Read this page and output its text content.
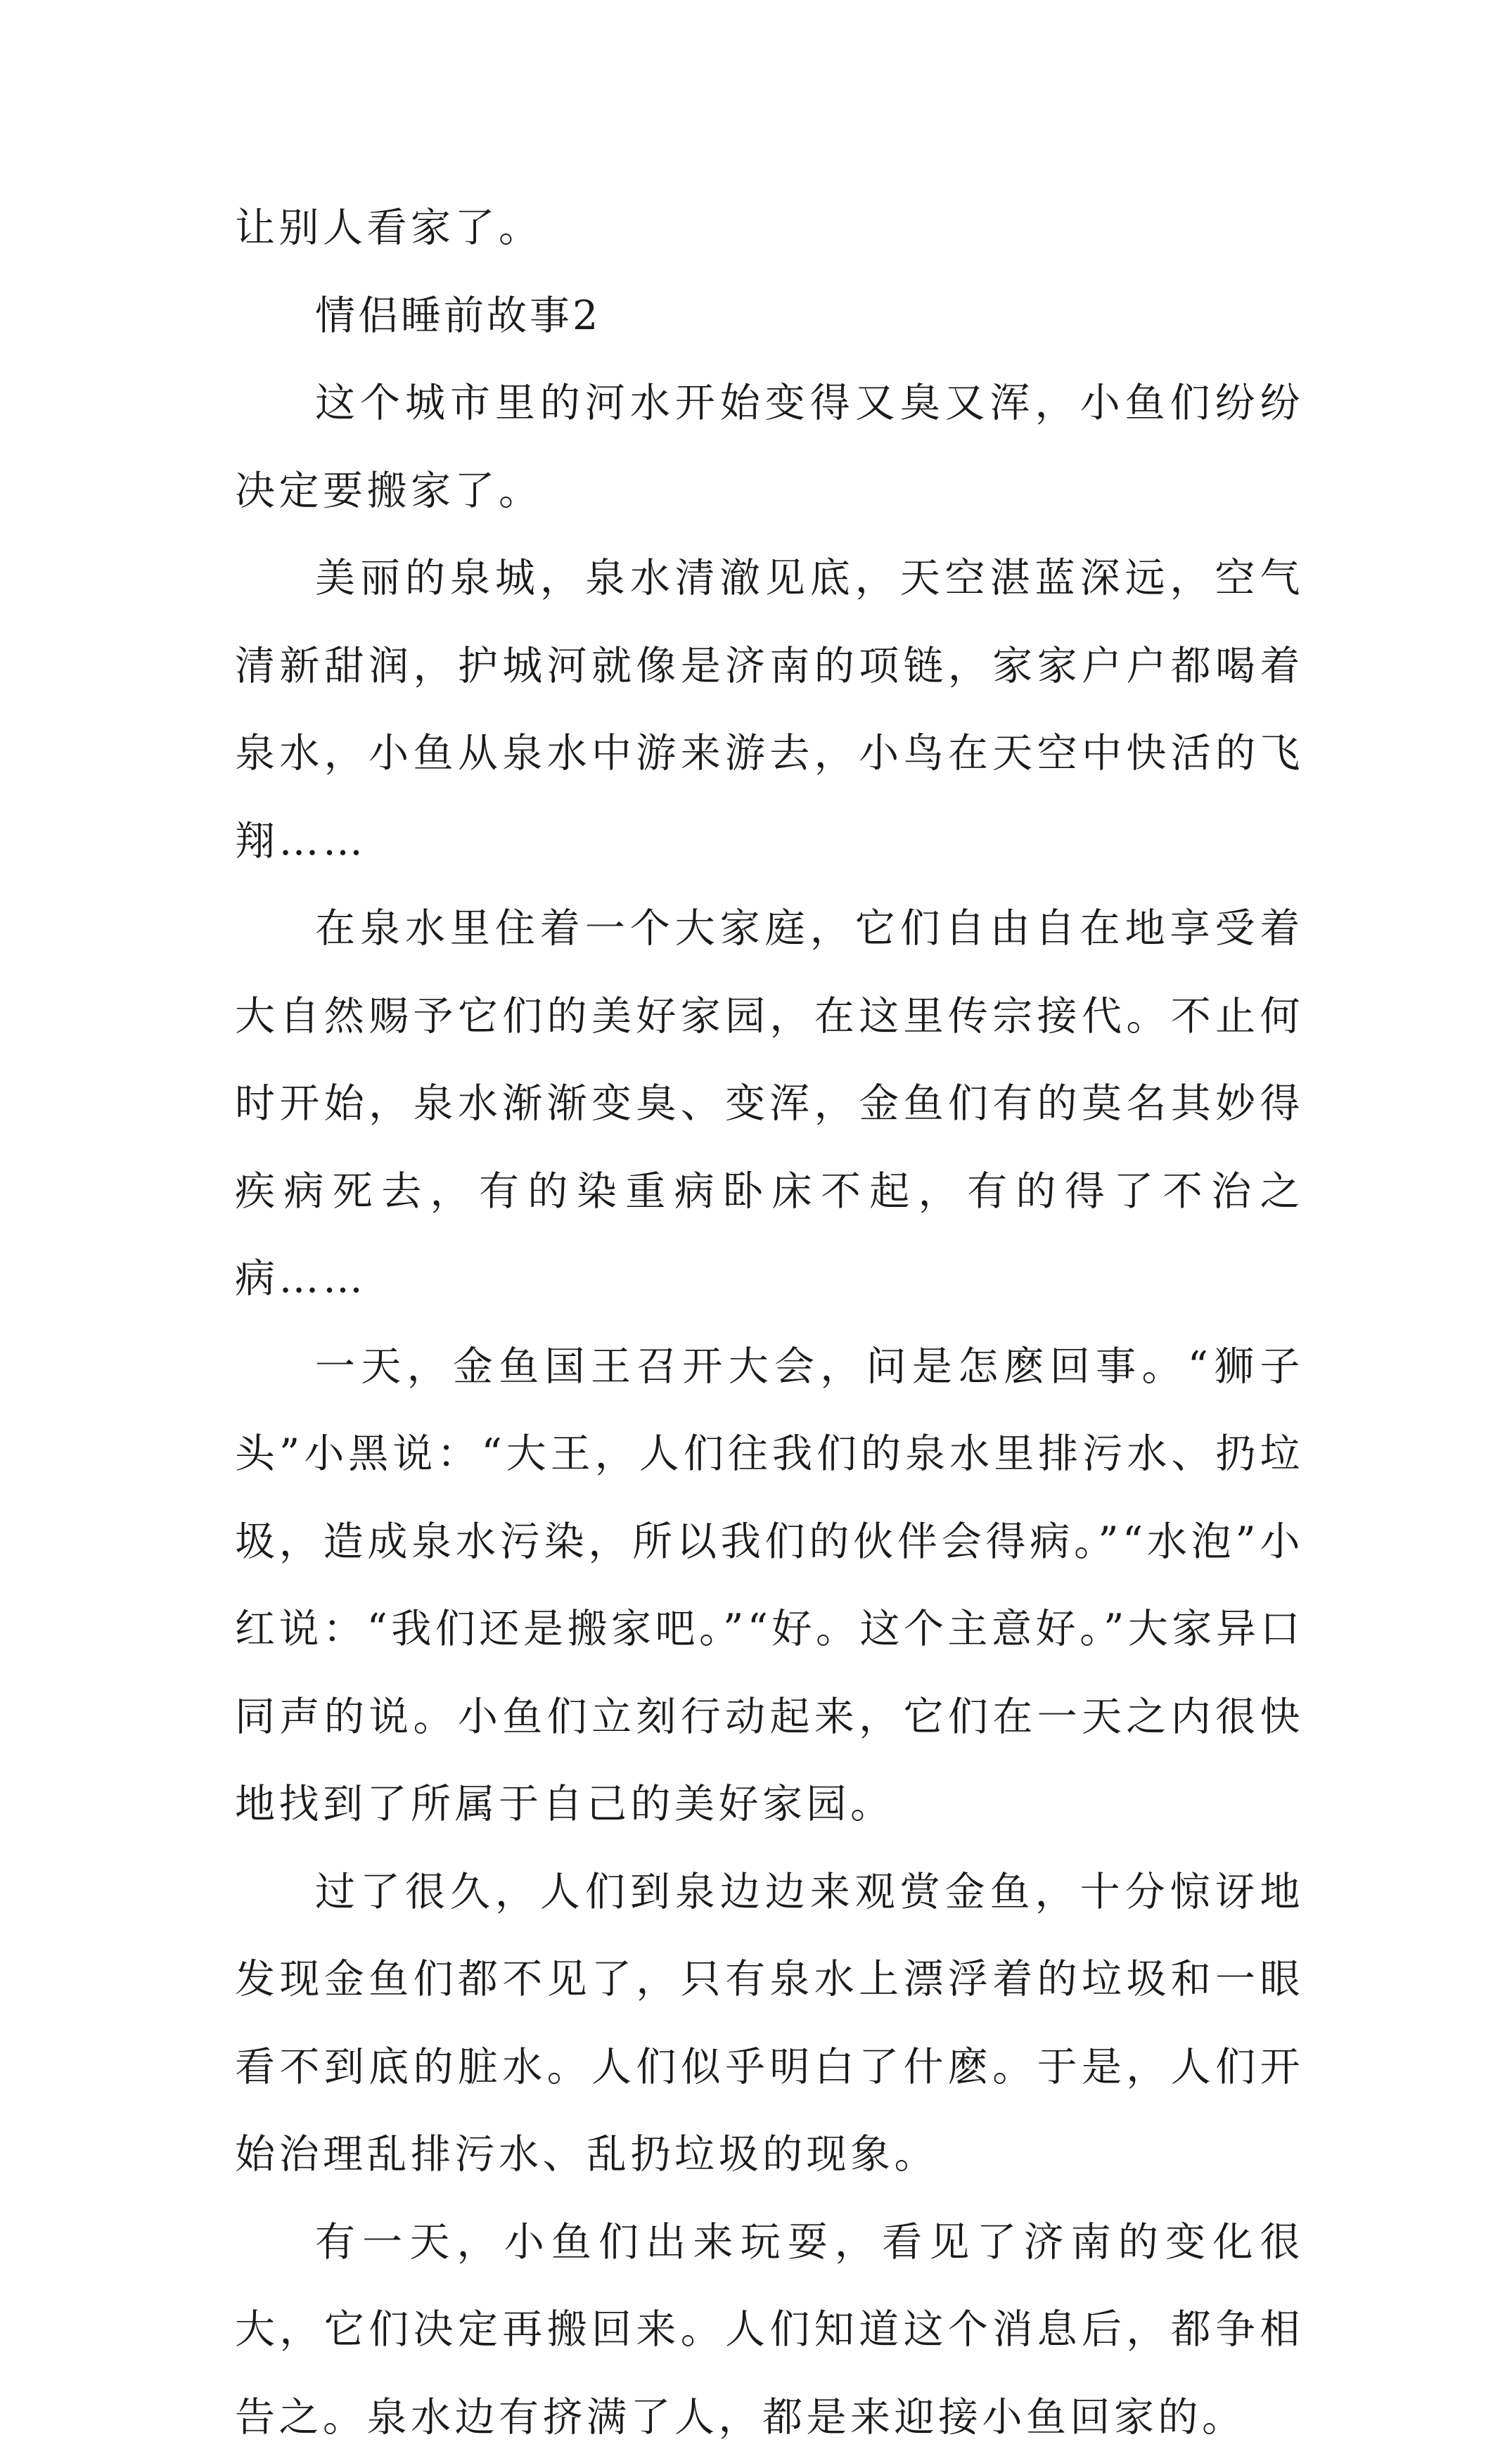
让别人看家了。

情侣睡前故事2

这个城市里的河水开始变得又臭又浑，小鱼们纷纷决定要搬家了。

美丽的泉城，泉水清澈见底，天空湛蓝深远，空气清新甜润，护城河就像是济南的项链，家家户户都喝着泉水，小鱼从泉水中游来游去，小鸟在天空中快活的飞翔……

在泉水里住着一个大家庭，它们自由自在地享受着大自然赐予它们的美好家园，在这里传宗接代。不止何时开始，泉水渐渐变臭、变浑，金鱼们有的莫名其妙得疾病死去，有的染重病卧床不起，有的得了不治之病……

一天，金鱼国王召开大会，问是怎麽回事。“狮子头”小黑说：“大王，人们往我们的泉水里排污水、扔垃圾，造成泉水污染，所以我们的伙伴会得病。”“水泡”小红说：“我们还是搬家吧。”“好。这个主意好。”大家异口同声的说。小鱼们立刻行动起来，它们在一天之内很快地找到了所属于自己的美好家园。

过了很久，人们到泉边边来观赏金鱼，十分惊讶地发现金鱼们都不见了，只有泉水上漂浮着的垃圾和一眼看不到底的脏水。人们似乎明白了什麽。于是，人们开始治理乱排污水、乱扔垃圾的现象。

有一天，小鱼们出来玩耍，看见了济南的变化很大，它们决定再搬回来。人们知道这个消息后，都争相告之。泉水边有挤满了人，都是来迎接小鱼回家的。
